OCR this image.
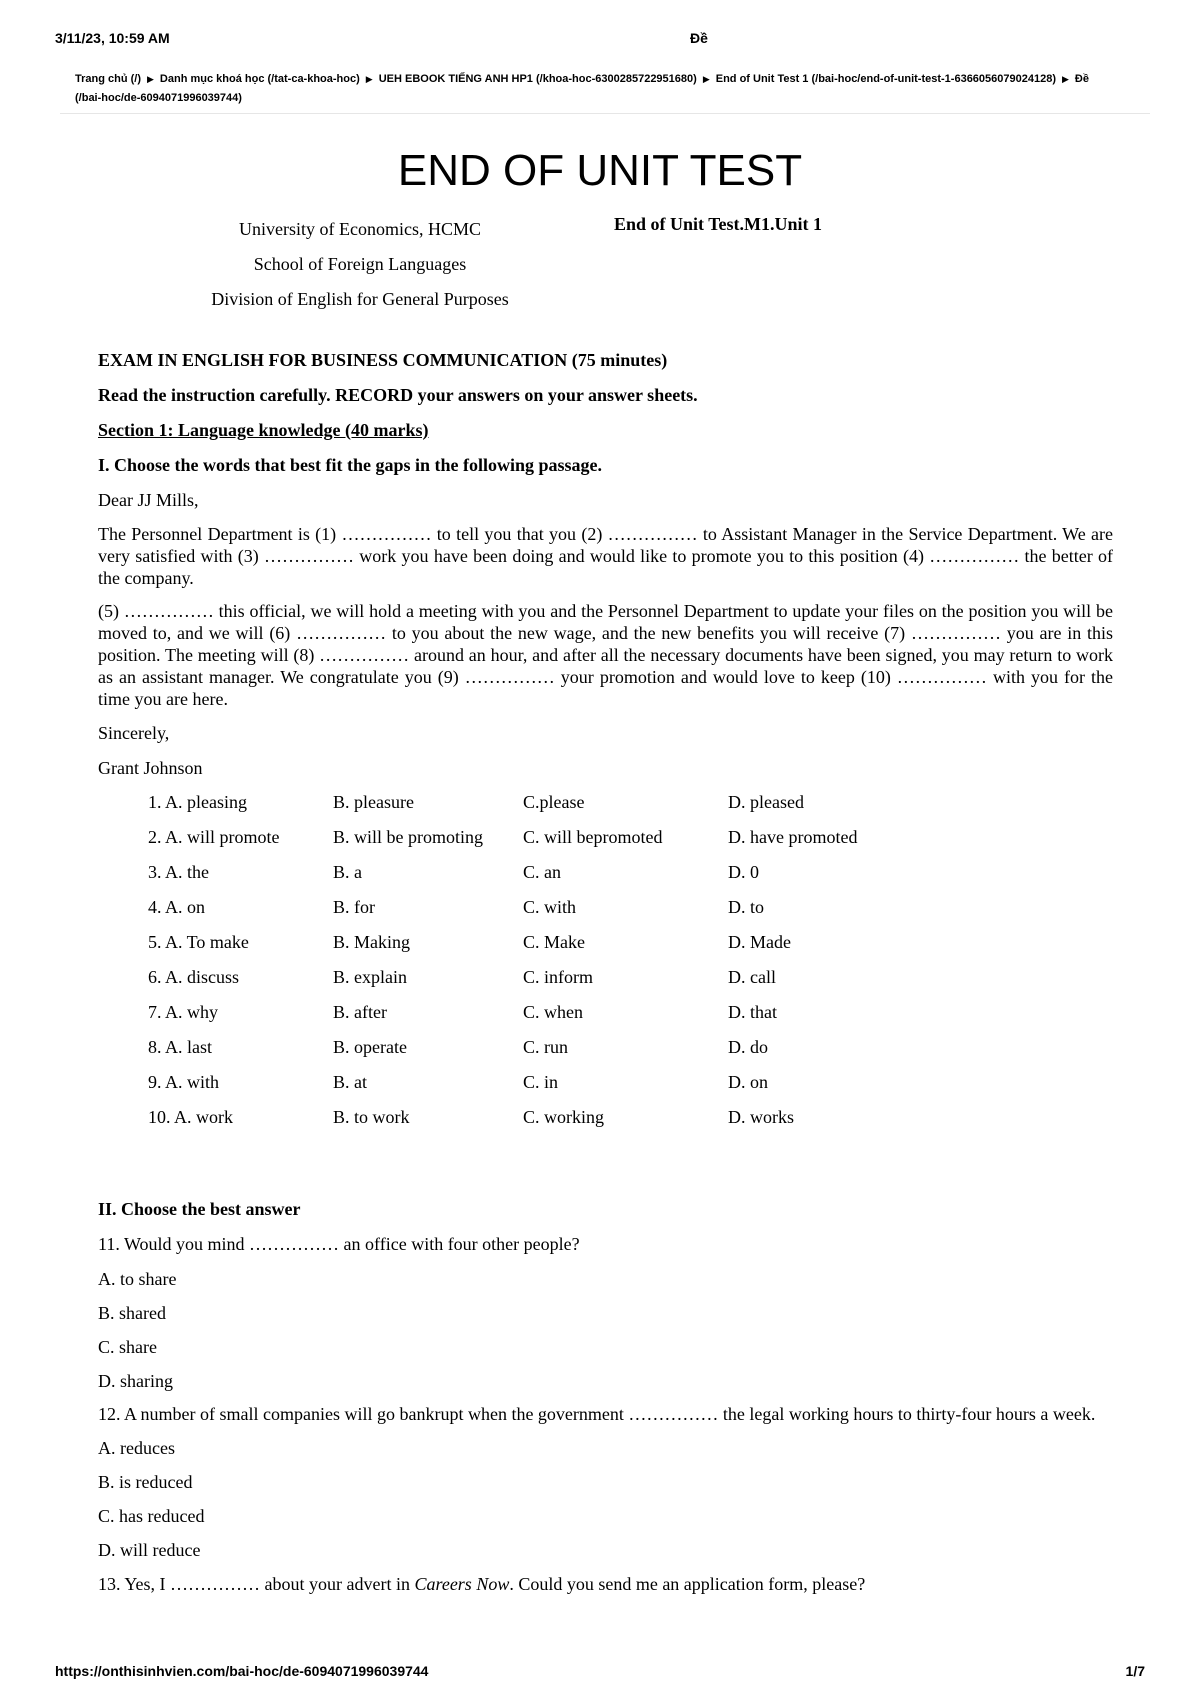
3/11/23, 10:59 AM	Đề
Trang chủ (/) ▶ Danh mục khoá học (/tat-ca-khoa-hoc) ▶ UEH EBOOK TIẾNG ANH HP1 (/khoa-hoc-6300285722951680) ▶ End of Unit Test 1 (/bai-hoc/end-of-unit-test-1-6366056079024128) ▶ Đề (/bai-hoc/de-6094071996039744)
END OF UNIT TEST
University of Economics, HCMC
School of Foreign Languages
Division of English for General Purposes
End of Unit Test.M1.Unit 1

EXAM IN ENGLISH FOR BUSINESS COMMUNICATION (75 minutes)

Read the instruction carefully. RECORD your answers on your answer sheets.

Section 1: Language knowledge (40 marks)

I. Choose the words that best fit the gaps in the following passage.

Dear JJ Mills,

The Personnel Department is (1) …………… to tell you that you (2) …………… to Assistant Manager in the Service Department. We are very satisfied with (3) …………… work you have been doing and would like to promote you to this position (4) …………… the better of the company.

(5) …………… this official, we will hold a meeting with you and the Personnel Department to update your files on the position you will be moved to, and we will (6) …………… to you about the new wage, and the new benefits you will receive (7) …………… you are in this position. The meeting will (8) …………… around an hour, and after all the necessary documents have been signed, you may return to work as an assistant manager. We congratulate you (9) …………… your promotion and would love to keep (10) …………… with you for the time you are here.

Sincerely,

Grant Johnson

1. A. pleasing	B. pleasure	C.please	D. pleased
2. A. will promote	B. will be promoting	C. will bepromoted	D. have promoted
3. A. the	B. a	C. an	D. 0
4. A. on	B. for	C. with	D. to
5. A. To make	B. Making	C. Make	D. Made
6. A. discuss	B. explain	C. inform	D. call
7. A. why	B. after	C. when	D. that
8. A. last	B. operate	C. run	D. do
9. A. with	B. at	C. in	D. on
10. A. work	B. to work	C. working	D. works

II. Choose the best answer

11. Would you mind …………… an office with four other people?

A. to share

B. shared

C. share

D. sharing

12. A number of small companies will go bankrupt when the government …………… the legal working hours to thirty-four hours a week.

A. reduces

B. is reduced

C. has reduced

D. will reduce

13. Yes, I …………… about your advert in Careers Now. Could you send me an application form, please?

https://onthisinhvien.com/bai-hoc/de-6094071996039744	1/7
